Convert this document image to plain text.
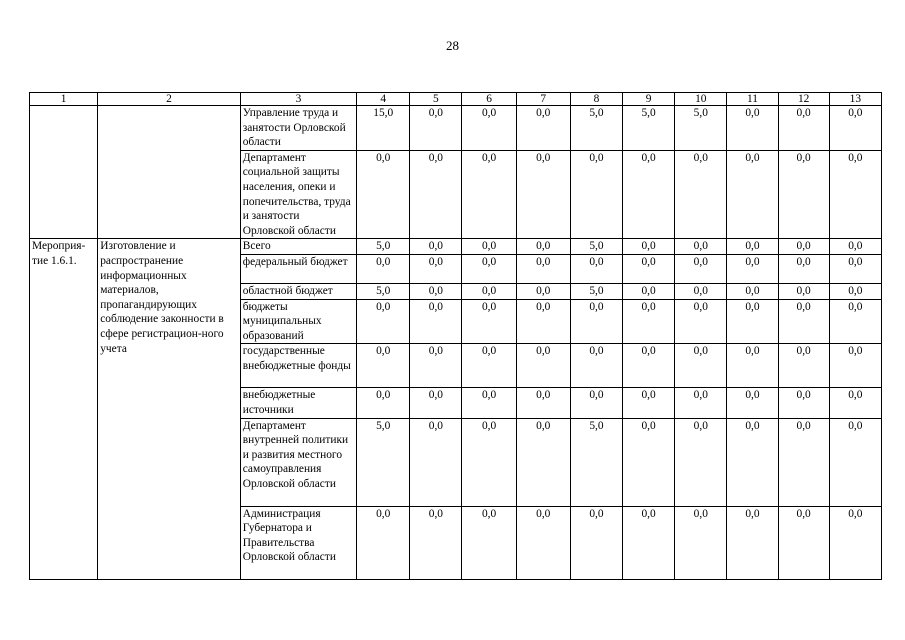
28
1	2	3	4	5	6	7	8	9	10	11	12	13
		Управление труда и занятости Орловской области	15,0	0,0	0,0	0,0	5,0	5,0	5,0	0,0	0,0	0,0
		Департамент социальной защиты населения, опеки и попечительства, труда и занятости Орловской области	0,0	0,0	0,0	0,0	0,0	0,0	0,0	0,0	0,0	0,0
Мероприя-тие 1.6.1.	Изготовление и распространение информационных материалов, пропагандирующих соблюдение законности в сфере регистрацион-ного учета	Всего	5,0	0,0	0,0	0,0	5,0	0,0	0,0	0,0	0,0	0,0
		федеральный бюджет	0,0	0,0	0,0	0,0	0,0	0,0	0,0	0,0	0,0	0,0
		областной бюджет	5,0	0,0	0,0	0,0	5,0	0,0	0,0	0,0	0,0	0,0
		бюджеты муниципальных образований	0,0	0,0	0,0	0,0	0,0	0,0	0,0	0,0	0,0	0,0
		государственные внебюджетные фонды	0,0	0,0	0,0	0,0	0,0	0,0	0,0	0,0	0,0	0,0
		внебюджетные источники	0,0	0,0	0,0	0,0	0,0	0,0	0,0	0,0	0,0	0,0
		Департамент внутренней политики и развития местного самоуправления Орловской области	5,0	0,0	0,0	0,0	5,0	0,0	0,0	0,0	0,0	0,0
		Администрация Губернатора и Правительства Орловской области	0,0	0,0	0,0	0,0	0,0	0,0	0,0	0,0	0,0	0,0
